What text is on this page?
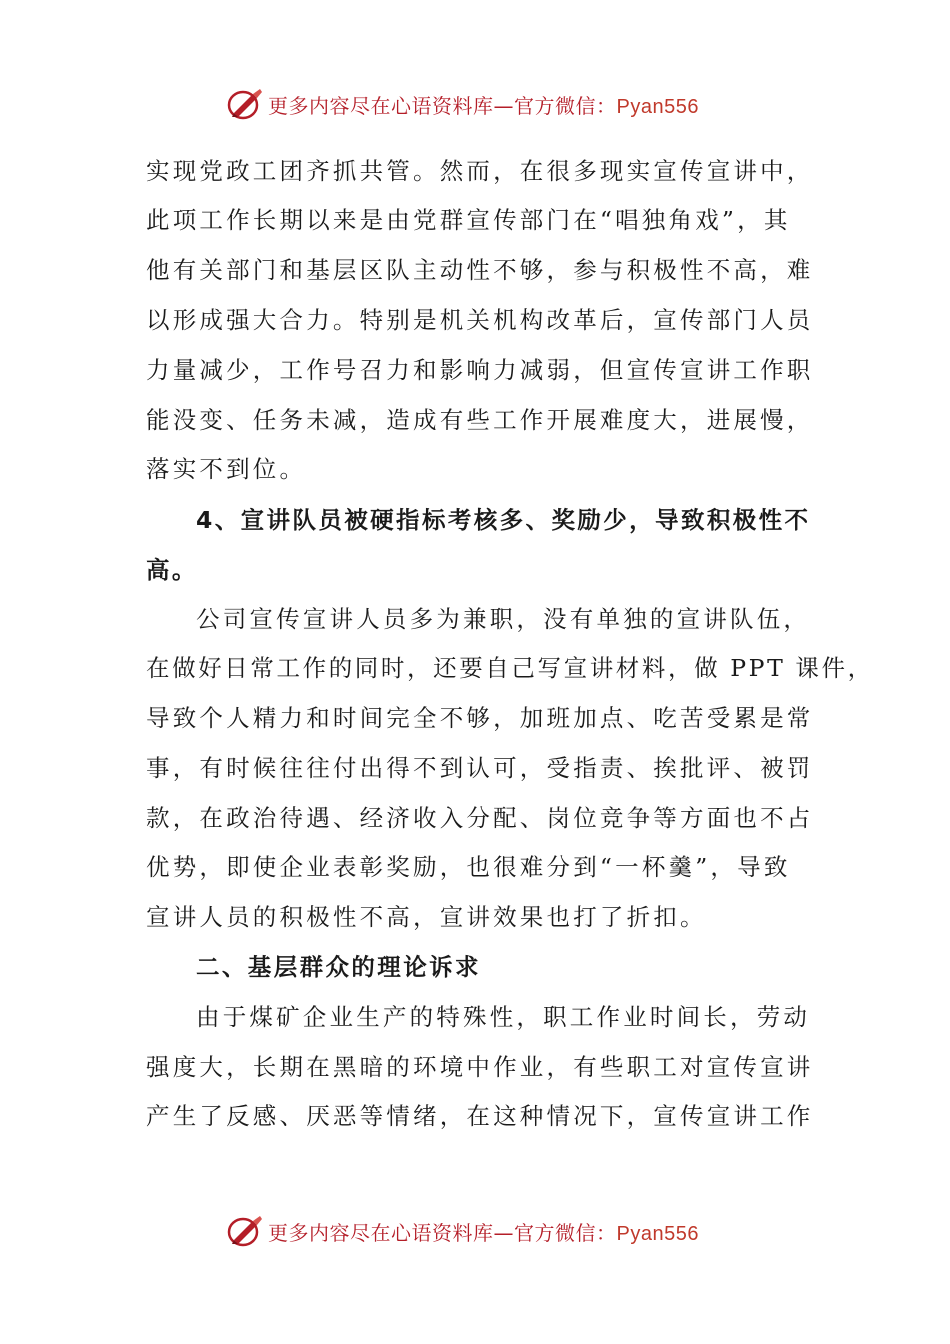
更多内容尽在心语资料库—官方微信：Pyan556
实现党政工团齐抓共管。然而，在很多现实宣传宣讲中，
此项工作长期以来是由党群宣传部门在“唱独角戏”，其
他有关部门和基层区队主动性不够，参与积极性不高，难
以形成强大合力。特别是机关机构改革后，宣传部门人员
力量减少，工作号召力和影响力减弱，但宣传宣讲工作职
能没变、任务未减，造成有些工作开展难度大，进展慢，
落实不到位。
4、宣讲队员被硬指标考核多、奖励少，导致积极性不
高。
公司宣传宣讲人员多为兼职，没有单独的宣讲队伍，
在做好日常工作的同时，还要自己写宣讲材料，做 PPT 课件，
导致个人精力和时间完全不够，加班加点、吃苦受累是常
事，有时候往往付出得不到认可，受指责、挨批评、被罚
款，在政治待遇、经济收入分配、岗位竞争等方面也不占
优势，即使企业表彰奖励，也很难分到“一杯羹”，导致
宣讲人员的积极性不高，宣讲效果也打了折扣。
二、基层群众的理论诉求
由于煤矿企业生产的特殊性，职工作业时间长，劳动
强度大，长期在黑暗的环境中作业，有些职工对宣传宣讲
产生了反感、厌恶等情绪，在这种情况下，宣传宣讲工作
更多内容尽在心语资料库—官方微信：Pyan556
